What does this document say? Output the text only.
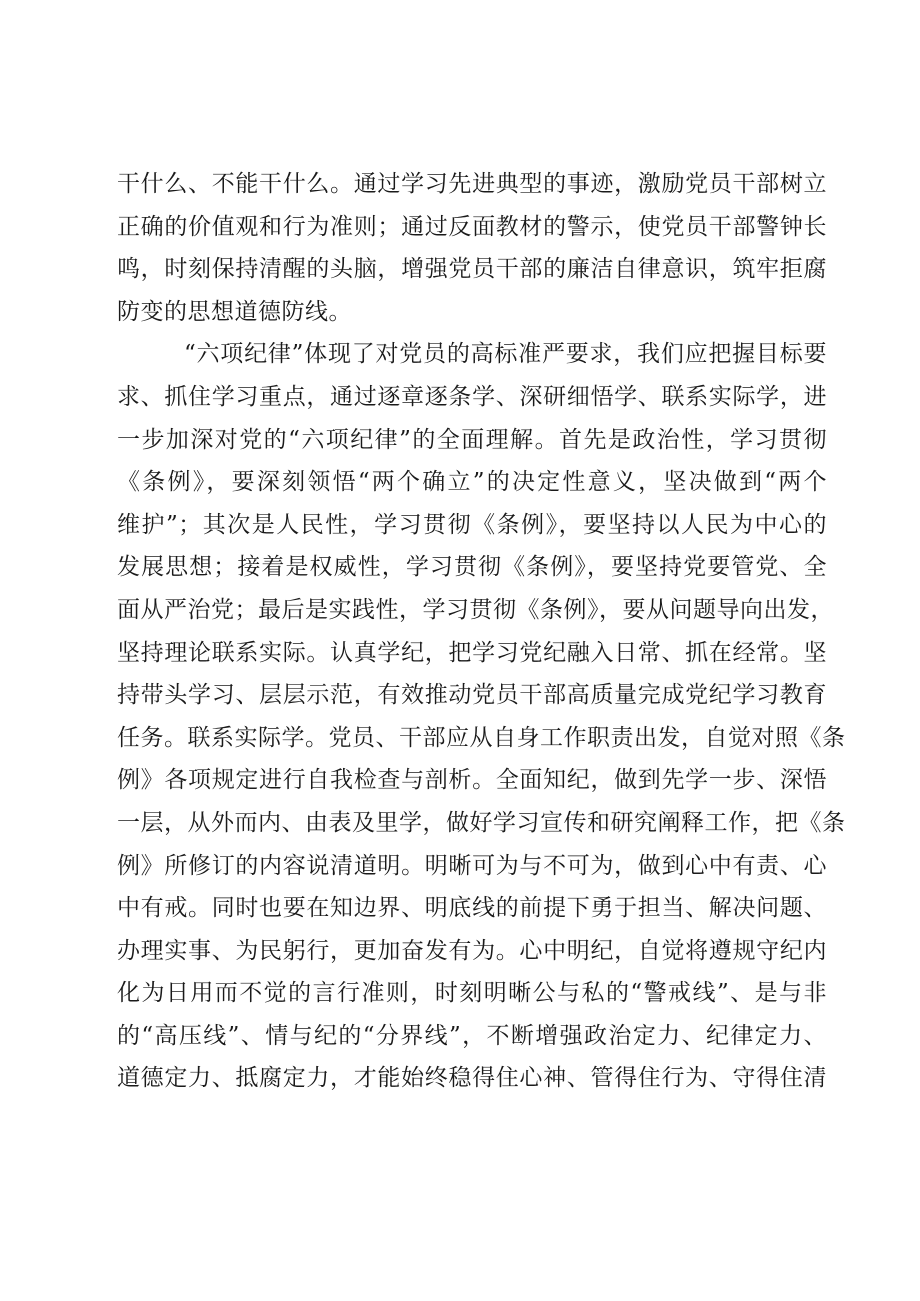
干什么、不能干什么。通过学习先进典型的事迹，激励党员干部树立
正确的价值观和行为准则；通过反面教材的警示，使党员干部警钟长
鸣，时刻保持清醒的头脑，增强党员干部的廉洁自律意识，筑牢拒腐
防变的思想道德防线。
“六项纪律”体现了对党员的高标准严要求，我们应把握目标要
求、抓住学习重点，通过逐章逐条学、深研细悟学、联系实际学，进
一步加深对党的“六项纪律”的全面理解。首先是政治性，学习贯彻
《条例》，要深刻领悟“两个确立”的决定性意义，坚决做到“两个
维护”；其次是人民性，学习贯彻《条例》，要坚持以人民为中心的
发展思想；接着是权威性，学习贯彻《条例》，要坚持党要管党、全
面从严治党；最后是实践性，学习贯彻《条例》，要从问题导向出发，
坚持理论联系实际。认真学纪，把学习党纪融入日常、抓在经常。坚
持带头学习、层层示范，有效推动党员干部高质量完成党纪学习教育
任务。联系实际学。党员、干部应从自身工作职责出发，自觉对照《条
例》各项规定进行自我检查与剖析。全面知纪，做到先学一步、深悟
一层，从外而内、由表及里学，做好学习宣传和研究阐释工作，把《条
例》所修订的内容说清道明。明晰可为与不可为，做到心中有责、心
中有戒。同时也要在知边界、明底线的前提下勇于担当、解决问题、
办理实事、为民躬行，更加奋发有为。心中明纪，自觉将遵规守纪内
化为日用而不觉的言行准则，时刻明晰公与私的“警戒线”、是与非
的“高压线”、情与纪的“分界线”，不断增强政治定力、纪律定力、
道德定力、抵腐定力，才能始终稳得住心神、管得住行为、守得住清
